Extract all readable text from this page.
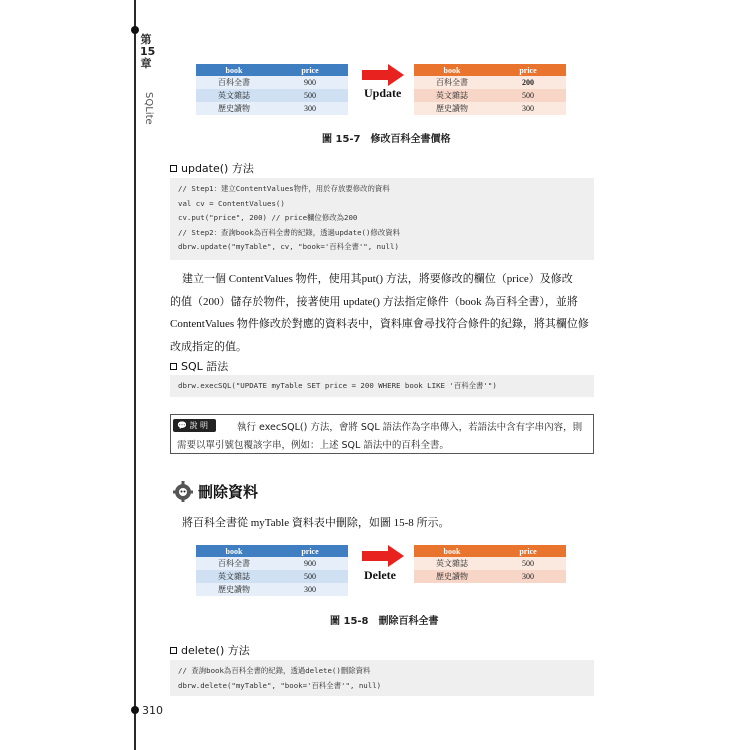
第15章
SQLite
310
book	price
百科全書	900
英文雜誌	500
歷史讀物	300
Update
book	price
百科全書	200
英文雜誌	500
歷史讀物	300
圖 15-7 修改百科全書價格
update() 方法
// Step1：建立ContentValues物件，用於存放要修改的資料
val cv = ContentValues()
cv.put("price", 200) // price欄位修改為200
// Step2：查詢book為百科全書的紀錄，透過update()修改資料
dbrw.update("myTable", cv, "book='百科全書'", null)
建立一個 ContentValues 物件，使用其put() 方法，將要修改的欄位（price）及修改
的值（200）儲存於物件，接著使用 update() 方法指定條件（book 為百科全書），並將
ContentValues 物件修改於對應的資料表中，資料庫會尋找符合條件的紀錄，將其欄位修
改成指定的值。
SQL 語法
dbrw.execSQL("UPDATE myTable SET price = 200 WHERE book LIKE '百科全書'")
💬 說 明	執行 execSQL() 方法，會將 SQL 語法作為字串傳入，若語法中含有字串內容，則
需要以單引號包覆該字串，例如：上述 SQL 語法中的百科全書。
刪除資料
將百科全書從 myTable 資料表中刪除，如圖 15-8 所示。
book	price
百科全書	900
英文雜誌	500
歷史讀物	300
Delete
book	price
英文雜誌	500
歷史讀物	300
圖 15-8 刪除百科全書
delete() 方法
// 查詢book為百科全書的紀錄，透過delete()刪除資料
dbrw.delete("myTable", "book='百科全書'", null)
